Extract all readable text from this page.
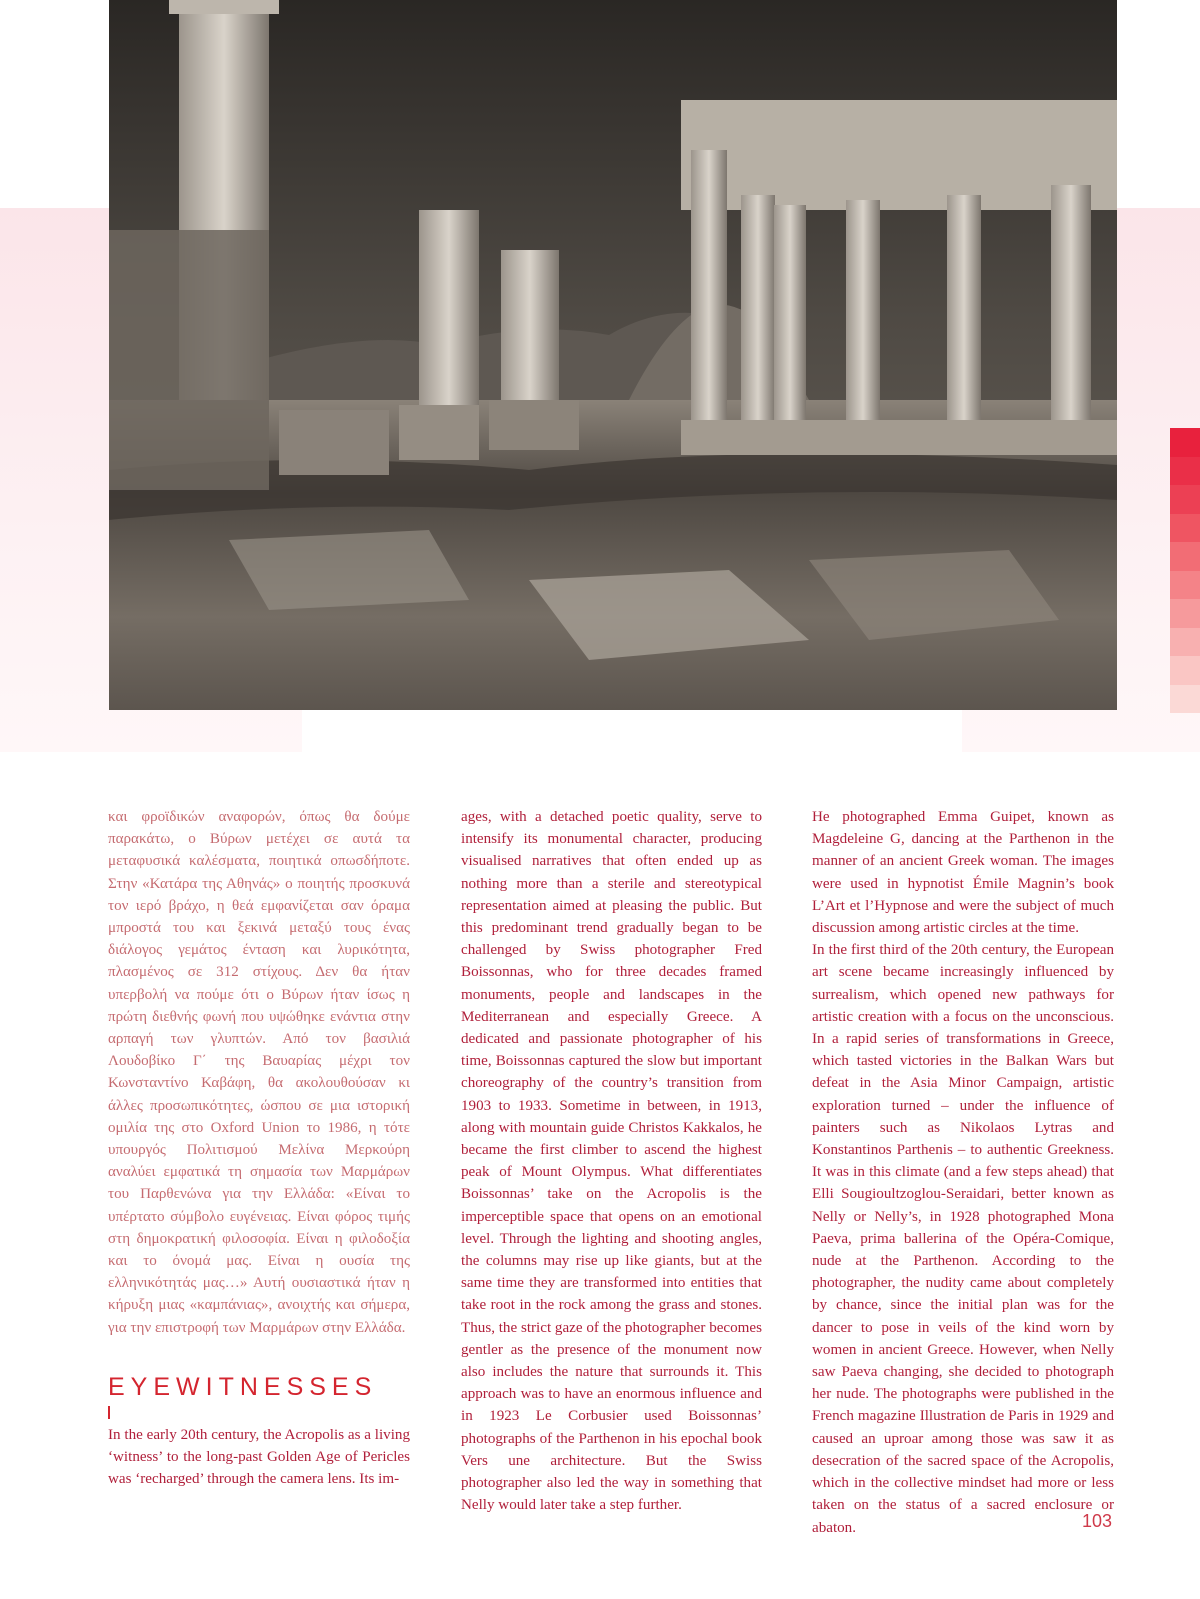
και φροϊδικών αναφορών, όπως θα δούμε παρακάτω, ο Βύρων μετέχει σε αυτά τα μεταφυσικά καλέσματα, ποιητικά οπωσδήποτε. Στην «Κατάρα της Αθηνάς» ο ποιητής προσκυνά τον ιερό βράχο, η θεά εμφανίζεται σαν όραμα μπροστά του και ξεκινά μεταξύ τους ένας διάλογος γεμάτος ένταση και λυρικότητα, πλασμένος σε 312 στίχους. Δεν θα ήταν υπερβολή να πούμε ότι ο Βύρων ήταν ίσως η πρώτη διεθνής φωνή που υψώθηκε ενάντια στην αρπαγή των γλυπτών. Από τον βασιλιά Λουδοβίκο Γ΄ της Βαυαρίας μέχρι τον Κωνσταντίνο Καβάφη, θα ακολουθούσαν κι άλλες προσωπικότητες, ώσπου σε μια ιστορική ομιλία της στο Oxford Union το 1986, η τότε υπουργός Πολιτισμού Μελίνα Μερκούρη αναλύει εμφατικά τη σημασία των Μαρμάρων του Παρθενώνα για την Ελλάδα: «Είναι το υπέρτατο σύμβολο ευγένειας. Είναι φόρος τιμής στη δημοκρατική φιλοσοφία. Είναι η φιλοδοξία και το όνομά μας. Είναι η ουσία της ελληνικότητάς μας…» Αυτή ουσιαστικά ήταν η κήρυξη μιας «καμπάνιας», ανοιχτής και σήμερα, για την επιστροφή των Μαρμάρων στην Ελλάδα.

EYEWITNESSES
In the early 20th century, the Acropolis as a living ‘witness’ to the long-past Golden Age of Pericles was ‘recharged’ through the camera lens. Its im-

ages, with a detached poetic quality, serve to intensify its monumental character, producing visualised narratives that often ended up as nothing more than a sterile and stereotypical representation aimed at pleasing the public. But this predominant trend gradually began to be challenged by Swiss photographer Fred Boissonnas, who for three decades framed monuments, people and landscapes in the Mediterranean and especially Greece. A dedicated and passionate photographer of his time, Boissonnas captured the slow but important choreography of the country’s transition from 1903 to 1933. Sometime in between, in 1913, along with mountain guide Christos Kakkalos, he became the first climber to ascend the highest peak of Mount Olympus. What differentiates Boissonnas’ take on the Acropolis is the imperceptible space that opens on an emotional level. Through the lighting and shooting angles, the columns may rise up like giants, but at the same time they are transformed into entities that take root in the rock among the grass and stones. Thus, the strict gaze of the photographer becomes gentler as the presence of the monument now also includes the nature that surrounds it. This approach was to have an enormous influence and in 1923 Le Corbusier used Boissonnas’ photographs of the Parthenon in his epochal book Vers une architecture. But the Swiss photographer also led the way in something that Nelly would later take a step further.

He photographed Emma Guipet, known as Magdeleine G, dancing at the Parthenon in the manner of an ancient Greek woman. The images were used in hypnotist Émile Magnin’s book L’Art et l’Hypnose and were the subject of much discussion among artistic circles at the time.

In the first third of the 20th century, the European art scene became increasingly influenced by surrealism, which opened new pathways for artistic creation with a focus on the unconscious. In a rapid series of transformations in Greece, which tasted victories in the Balkan Wars but defeat in the Asia Minor Campaign, artistic exploration turned – under the influence of painters such as Nikolaos Lytras and Konstantinos Parthenis – to authentic Greekness. It was in this climate (and a few steps ahead) that Elli Sougioultzoglou-Seraidari, better known as Nelly or Nelly’s, in 1928 photographed Mona Paeva, prima ballerina of the Opéra-Comique, nude at the Parthenon. According to the photographer, the nudity came about completely by chance, since the initial plan was for the dancer to pose in veils of the kind worn by women in ancient Greece. However, when Nelly saw Paeva changing, she decided to photograph her nude. The photographs were published in the French magazine Illustration de Paris in 1929 and caused an uproar among those was saw it as desecration of the sacred space of the Acropolis, which in the collective mindset had more or less taken on the status of a sacred enclosure or abaton.	103
